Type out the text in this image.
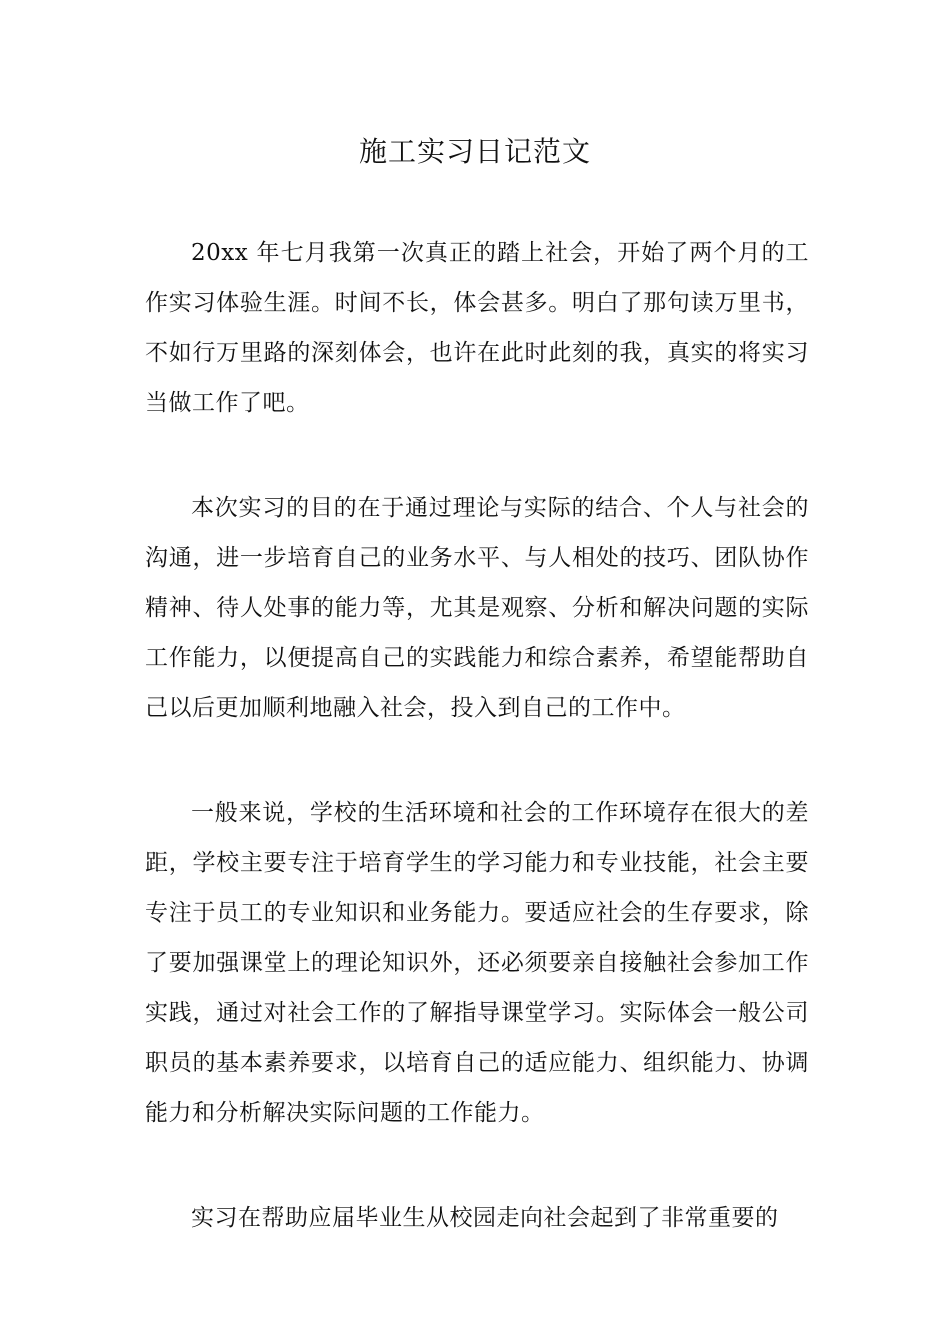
施工实习日记范文

20xx 年七月我第一次真正的踏上社会，开始了两个月的工作实习体验生涯。时间不长，体会甚多。明白了那句读万里书，不如行万里路的深刻体会，也许在此时此刻的我，真实的将实习当做工作了吧。

本次实习的目的在于通过理论与实际的结合、个人与社会的沟通，进一步培育自己的业务水平、与人相处的技巧、团队协作精神、待人处事的能力等，尤其是观察、分析和解决问题的实际工作能力，以便提高自己的实践能力和综合素养，希望能帮助自己以后更加顺利地融入社会，投入到自己的工作中。

一般来说，学校的生活环境和社会的工作环境存在很大的差距，学校主要专注于培育学生的学习能力和专业技能，社会主要专注于员工的专业知识和业务能力。要适应社会的生存要求，除了要加强课堂上的理论知识外，还必须要亲自接触社会参加工作实践，通过对社会工作的了解指导课堂学习。实际体会一般公司职员的基本素养要求，以培育自己的适应能力、组织能力、协调能力和分析解决实际问题的工作能力。

实习在帮助应届毕业生从校园走向社会起到了非常重要的
